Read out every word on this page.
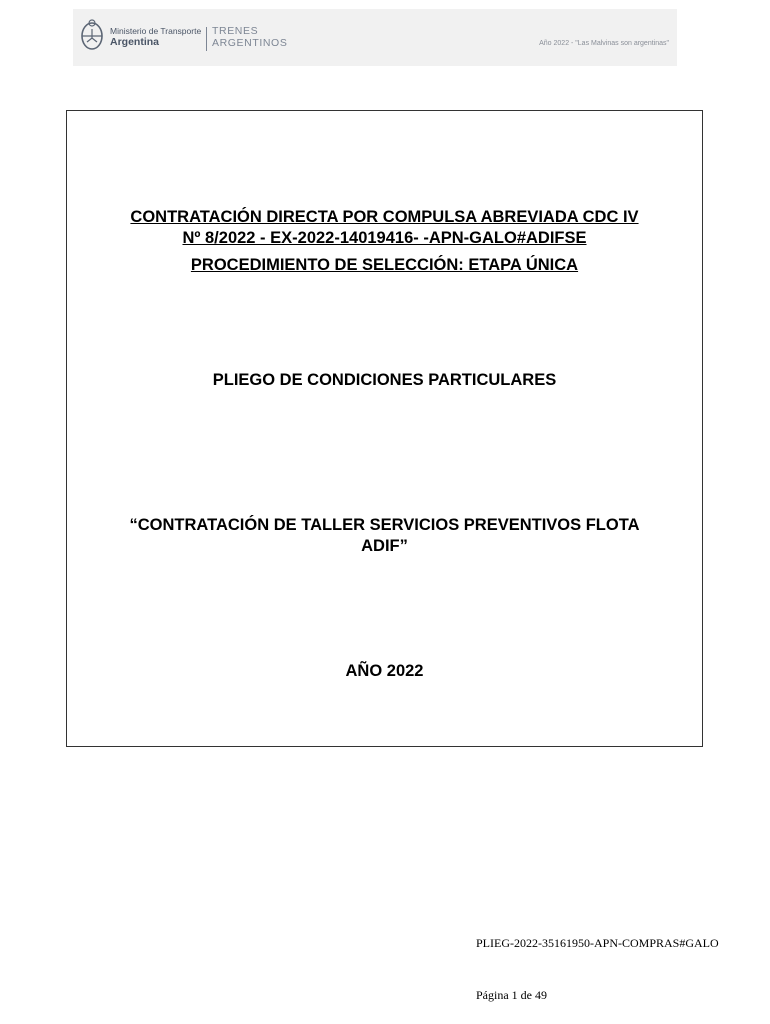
Ministerio de Transporte
Argentina
TRENES
ARGENTINOS	Año 2022 - "Las Malvinas son argentinas"
CONTRATACIÓN DIRECTA POR COMPULSA ABREVIADA CDC IV
Nº 8/2022 - EX-2022-14019416- -APN-GALO#ADIFSE
PROCEDIMIENTO DE SELECCIÓN: ETAPA ÚNICA
PLIEGO DE CONDICIONES PARTICULARES
“CONTRATACIÓN DE TALLER SERVICIOS PREVENTIVOS FLOTA
ADIF”
AÑO 2022
PLIEG-2022-35161950-APN-COMPRAS#GALO
Página 1 de 49
